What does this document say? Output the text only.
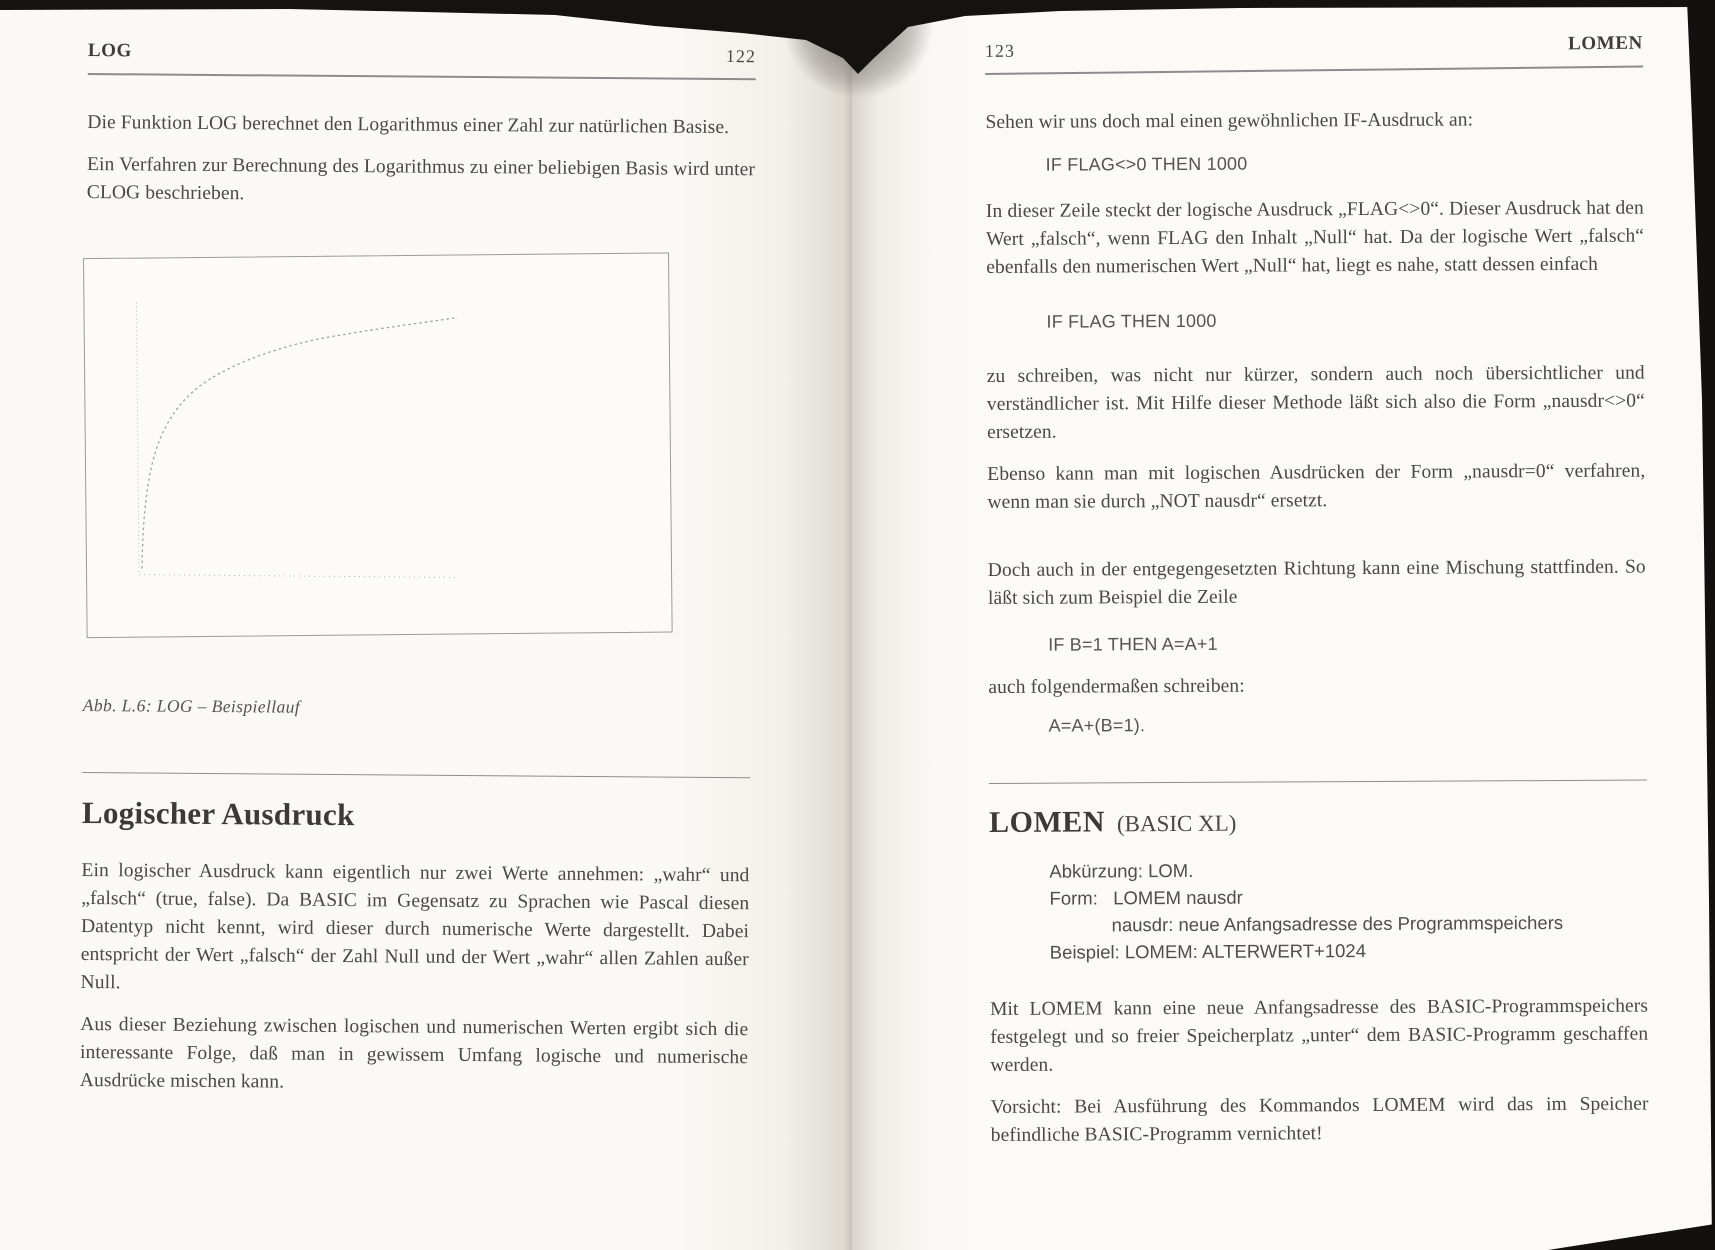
LOG	122

Die Funktion LOG berechnet den Logarithmus einer Zahl zur natürlichen Basise.

Ein Verfahren zur Berechnung des Logarithmus zu einer beliebigen Basis wird unter CLOG beschrieben.

Abb. L.6: LOG – Beispiellauf

Logischer Ausdruck

Ein logischer Ausdruck kann eigentlich nur zwei Werte annehmen: „wahr“ und „falsch“ (true, false). Da BASIC im Gegensatz zu Sprachen wie Pascal diesen Datentyp nicht kennt, wird dieser durch numerische Werte dargestellt. Dabei entspricht der Wert „falsch“ der Zahl Null und der Wert „wahr“ allen Zahlen außer Null.

Aus dieser Beziehung zwischen logischen und numerischen Werten ergibt sich die interessante Folge, daß man in gewissem Umfang logische und numerische Ausdrücke mischen kann.

123	LOMEN

Sehen wir uns doch mal einen gewöhnlichen IF-Ausdruck an:

IF FLAG<>0 THEN 1000

In dieser Zeile steckt der logische Ausdruck „FLAG<>0“. Dieser Ausdruck hat den Wert „falsch“, wenn FLAG den Inhalt „Null“ hat. Da der logische Wert „falsch“ ebenfalls den numerischen Wert „Null“ hat, liegt es nahe, statt dessen einfach

IF FLAG THEN 1000

zu schreiben, was nicht nur kürzer, sondern auch noch übersichtlicher und verständlicher ist. Mit Hilfe dieser Methode läßt sich also die Form „nausdr<>0“ ersetzen.

Ebenso kann man mit logischen Ausdrücken der Form „nausdr=0“ verfahren, wenn man sie durch „NOT nausdr“ ersetzt.

Doch auch in der entgegengesetzten Richtung kann eine Mischung stattfinden. So läßt sich zum Beispiel die Zeile

IF B=1 THEN A=A+1

auch folgendermaßen schreiben:

A=A+(B=1).

LOMEN (BASIC XL)

Abkürzung: LOM.

Form:   LOMEM nausdr

nausdr: neue Anfangsadresse des Programmspeichers

Beispiel: LOMEM: ALTERWERT+1024

Mit LOMEM kann eine neue Anfangsadresse des BASIC-Programmspeichers festgelegt und so freier Speicherplatz „unter“ dem BASIC-Programm geschaffen werden.

Vorsicht: Bei Ausführung des Kommandos LOMEM wird das im Speicher befindliche BASIC-Programm vernichtet!
